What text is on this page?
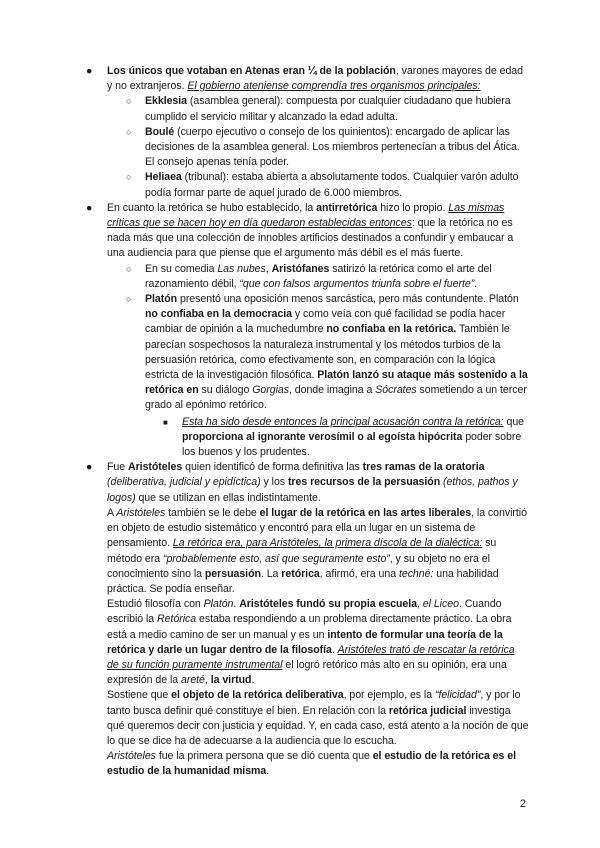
● Los únicos que votaban en Atenas eran ¼ de la población, varones mayores de edad y no extranjeros. El gobierno ateniense comprendía tres organismos principales:
○ Ekklesia (asamblea general): compuesta por cualquier ciudadano que hubiera cumplido el servicio militar y alcanzado la edad adulta.
○ Boulé (cuerpo ejecutivo o consejo de los quinientos): encargado de aplicar las decisiones de la asamblea general. Los miembros pertenecían a tribus del Ática. El consejo apenas tenía poder.
○ Heliaea (tribunal): estaba abierta a absolutamente todos. Cualquier varón adulto podía formar parte de aquel jurado de 6.000 miembros.
● En cuanto la retórica se hubo establecido, la antirretórica hizo lo propio. Las mismas críticas que se hacen hoy en día quedaron establecidas entonces: que la retórica no es nada más que una colección de innobles artificios destinados a confundir y embaucar a una audiencia para que piense que el argumento más débil es el más fuerte.
○ En su comedia Las nubes, Aristófanes satirizó la retórica como el arte del razonamiento débil, “que con falsos argumentos triunfa sobre el fuerte”.
○ Platón presentó una oposición menos sarcástica, pero más contundente. Platón no confiaba en la democracia y como veía con qué facilidad se podía hacer cambiar de opinión a la muchedumbre no confiaba en la retórica. También le parecían sospechosos la naturaleza instrumental y los métodos turbios de la persuasión retórica, como efectivamente son, en comparación con la lógica estricta de la investigación filosófica. Platón lanzó su ataque más sostenido a la retórica en su diálogo Gorgias, donde imagina a Sócrates sometiendo a un tercer grado al epónimo retórico.
■ Esta ha sido desde entonces la principal acusación contra la retórica: que proporciona al ignorante verosímil o al egoísta hipócrita poder sobre los buenos y los prudentes.
● Fue Aristóteles quien identificó de forma definitiva las tres ramas de la oratoria (deliberativa, judicial y epidíctica) y los tres recursos de la persuasión (ethos, pathos y logos) que se utilizan en ellas indistintamente.
A Aristóteles también se le debe el lugar de la retórica en las artes liberales, la convirtió en objeto de estudio sistemático y encontró para ella un lugar en un sistema de pensamiento. La retórica era, para Aristóteles, la primera díscola de la dialéctica: su método era “probablemente esto, así que seguramente esto”, y su objeto no era el conocimiento sino la persuasión. La retórica, afirmó, era una techné: una habilidad práctica. Se podía enseñar.
Estudió filosofía con Platón. Aristóteles fundó su propia escuela, el Liceo. Cuando escribió la Retórica estaba respondiendo a un problema directamente práctico. La obra está a medio camino de ser un manual y es un intento de formular una teoría de la retórica y darle un lugar dentro de la filosofía. Aristóteles trató de rescatar la retórica de su función puramente instrumental el logró retórico más alto en su opinión, era una expresión de la areté, la virtud.
Sostiene que el objeto de la retórica deliberativa, por ejemplo, es la “felicidad”, y por lo tanto busca definir qué constituye el bien. En relación con la retórica judicial investiga qué queremos decir con justicia y equidad. Y, en cada caso, está atento a la noción de que lo que se dice ha de adecuarse a la audiencia que lo escucha.
Aristóteles fue la primera persona que se dió cuenta que el estudio de la retórica es el estudio de la humanidad misma.
2
